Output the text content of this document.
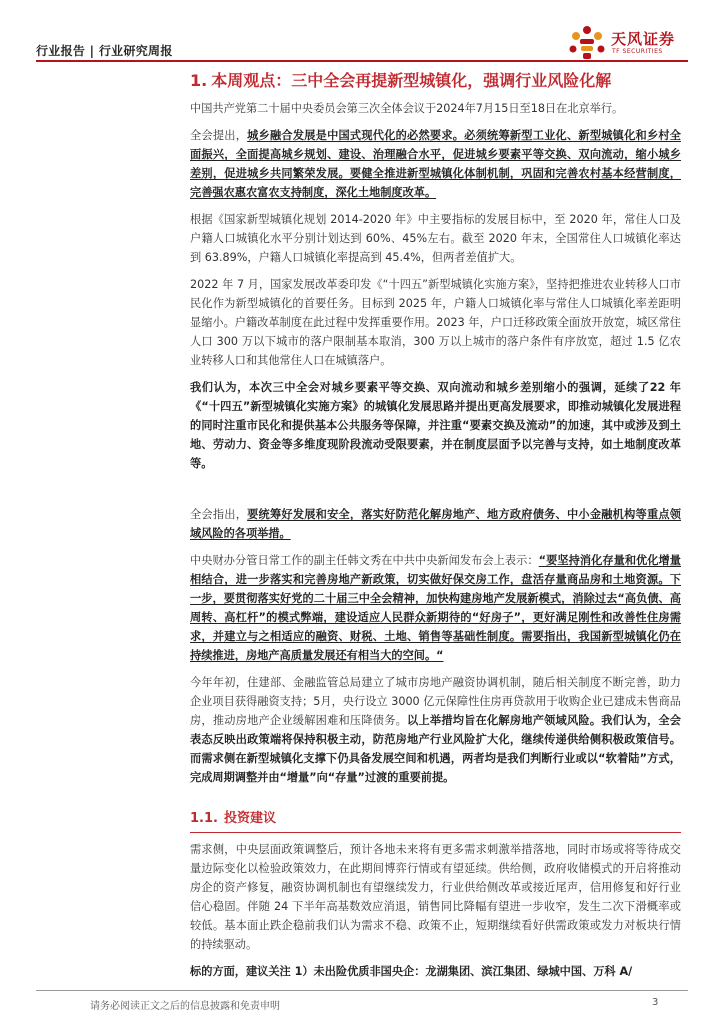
行业报告 | 行业研究周报
天风证券
TF SECURITIES
1. 本周观点：三中全会再提新型城镇化，强调行业风险化解

中国共产党第二十届中央委员会第三次全体会议于2024年7月15日至18日在北京举行。

全会提出，城乡融合发展是中国式现代化的必然要求。必须统筹新型工业化、新型城镇化和乡村全面振兴，全面提高城乡规划、建设、治理融合水平，促进城乡要素平等交换、双向流动，缩小城乡差别，促进城乡共同繁荣发展。要健全推进新型城镇化体制机制，巩固和完善农村基本经营制度，完善强农惠农富农支持制度，深化土地制度改革。

根据《国家新型城镇化规划 2014-2020 年》中主要指标的发展目标中，至 2020 年，常住人口及户籍人口城镇化水平分别计划达到 60%、45%左右。截至 2020 年末，全国常住人口城镇化率达到 63.89%，户籍人口城镇化率提高到 45.4%，但两者差值扩大。

2022 年 7 月，国家发展改革委印发《“十四五”新型城镇化实施方案》，坚持把推进农业转移人口市民化作为新型城镇化的首要任务。目标到 2025 年，户籍人口城镇化率与常住人口城镇化率差距明显缩小。户籍改革制度在此过程中发挥重要作用。2023 年，户口迁移政策全面放开放宽，城区常住人口 300 万以下城市的落户限制基本取消，300 万以上城市的落户条件有序放宽，超过 1.5 亿农业转移人口和其他常住人口在城镇落户。

我们认为，本次三中全会对城乡要素平等交换、双向流动和城乡差别缩小的强调，延续了22 年《“十四五”新型城镇化实施方案》的城镇化发展思路并提出更高发展要求，即推动城镇化发展进程的同时注重市民化和提供基本公共服务等保障，并注重“要素交换及流动”的加速，其中或涉及到土地、劳动力、资金等多维度现阶段流动受限要素，并在制度层面予以完善与支持，如土地制度改革等。

全会指出，要统筹好发展和安全，落实好防范化解房地产、地方政府债务、中小金融机构等重点领域风险的各项举措。

中央财办分管日常工作的副主任韩文秀在中共中央新闻发布会上表示：“要坚持消化存量和优化增量相结合，进一步落实和完善房地产新政策，切实做好保交房工作，盘活存量商品房和土地资源。下一步，要贯彻落实好党的二十届三中全会精神，加快构建房地产发展新模式，消除过去“高负债、高周转、高杠杆”的模式弊端，建设适应人民群众新期待的“好房子”，更好满足刚性和改善性住房需求，并建立与之相适应的融资、财税、土地、销售等基础性制度。需要指出，我国新型城镇化仍在持续推进，房地产高质量发展还有相当大的空间。“

今年年初，住建部、金融监管总局建立了城市房地产融资协调机制，随后相关制度不断完善，助力企业项目获得融资支持；5月，央行设立 3000 亿元保障性住房再贷款用于收购企业已建成未售商品房，推动房地产企业缓解困难和压降债务。以上举措均旨在化解房地产领域风险。我们认为，全会表态反映出政策端将保持积极主动，防范房地产行业风险扩大化，继续传递供给侧积极政策信号。而需求侧在新型城镇化支撑下仍具备发展空间和机遇，两者均是我们判断行业或以“软着陆”方式，完成周期调整并由“增量”向“存量”过渡的重要前提。

1.1. 投资建议

需求侧，中央层面政策调整后，预计各地未来将有更多需求刺激举措落地，同时市场或将等待成交量边际变化以检验政策效力，在此期间博弈行情或有望延续。供给侧，政府收储模式的开启将推动房企的资产修复，融资协调机制也有望继续发力，行业供给侧改革或接近尾声，信用修复和好行业信心稳固。伴随 24 下半年高基数效应消退，销售同比降幅有望进一步收窄，发生二次下滑概率或较低。基本面止跌企稳前我们认为需求不稳、政策不止，短期继续看好供需政策或发力对板块行情的持续驱动。

标的方面，建议关注 1）未出险优质非国央企：龙湖集团、滨江集团、绿城中国、万科 A/

请务必阅读正文之后的信息披露和免责申明	3
